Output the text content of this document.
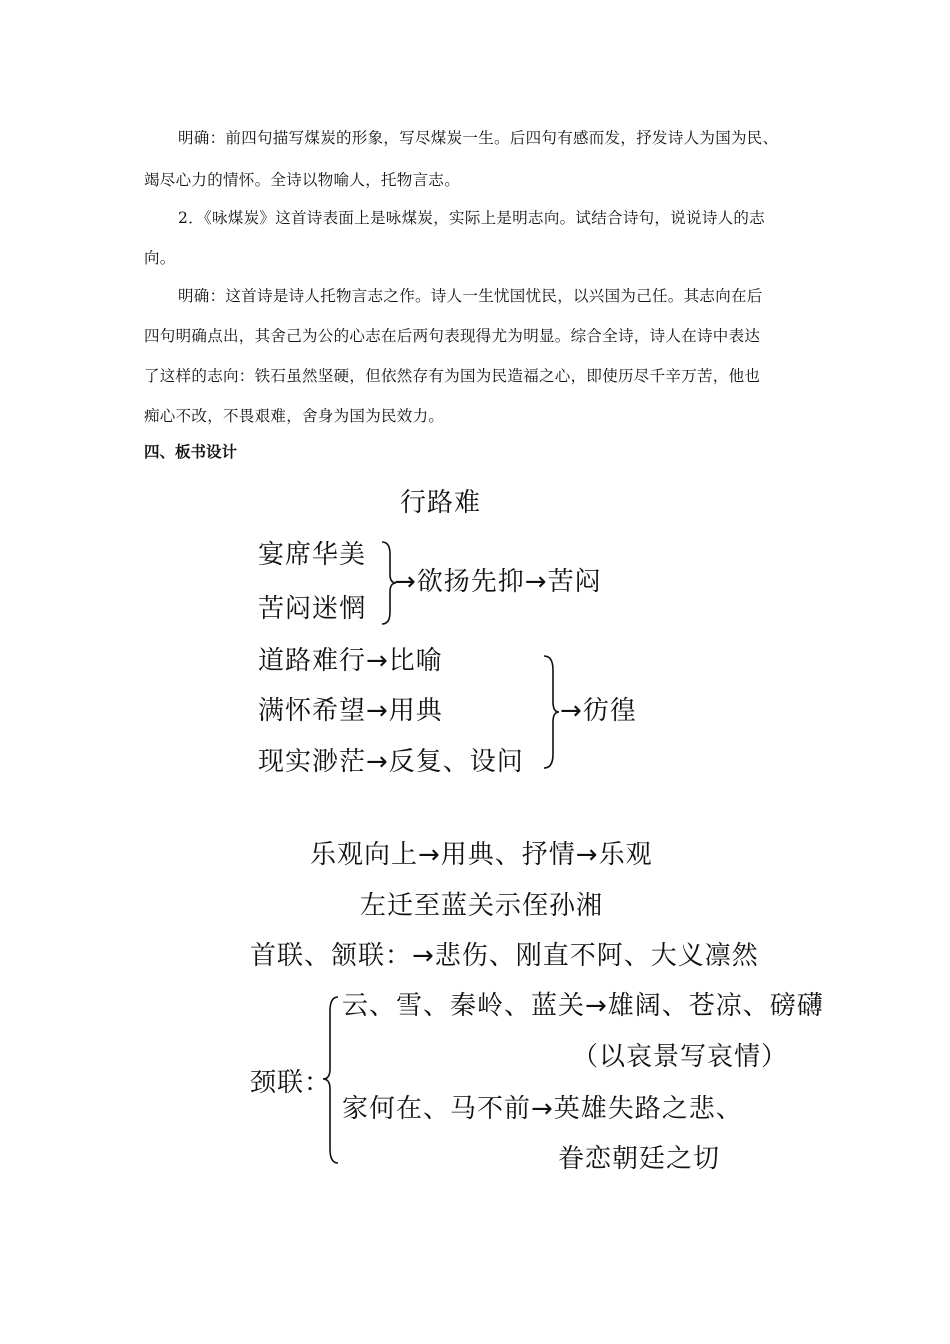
明确：前四句描写煤炭的形象，写尽煤炭一生。后四句有感而发，抒发诗人为国为民、
竭尽心力的情怀。全诗以物喻人，托物言志。
2．《咏煤炭》这首诗表面上是咏煤炭，实际上是明志向。试结合诗句，说说诗人的志
向。
明确：这首诗是诗人托物言志之作。诗人一生忧国忧民，以兴国为己任。其志向在后
四句明确点出，其舍己为公的心志在后两句表现得尤为明显。综合全诗，诗人在诗中表达
了这样的志向：铁石虽然坚硬，但依然存有为国为民造福之心，即使历尽千辛万苦，他也
痴心不改，不畏艰难，舍身为国为民效力。
四、板书设计
行路难
宴席华美
苦闷迷惘
→欲扬先抑→苦闷
道路难行→比喻
满怀希望→用典
现实渺茫→反复、设问
→彷徨
乐观向上→用典、抒情→乐观
左迁至蓝关示侄孙湘
首联、颔联：→悲伤、刚直不阿、大义凛然
颈联：
云、雪、秦岭、蓝关→雄阔、苍凉、磅礴
（以哀景写哀情）
家何在、马不前→英雄失路之悲、
眷恋朝廷之切
